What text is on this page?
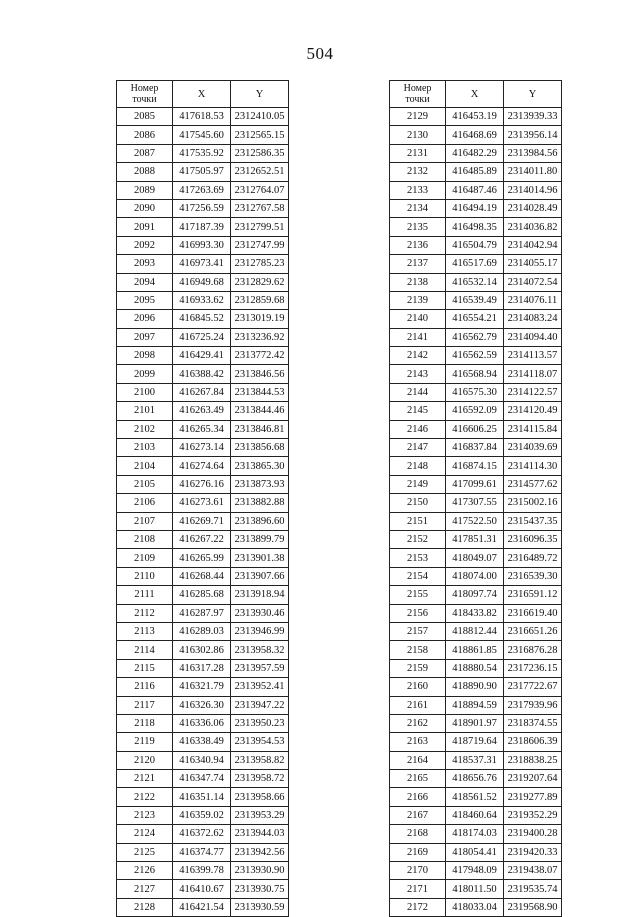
504
Номер
точки	X	Y
2085	417618.53	2312410.05
2086	417545.60	2312565.15
2087	417535.92	2312586.35
2088	417505.97	2312652.51
2089	417263.69	2312764.07
2090	417256.59	2312767.58
2091	417187.39	2312799.51
2092	416993.30	2312747.99
2093	416973.41	2312785.23
2094	416949.68	2312829.62
2095	416933.62	2312859.68
2096	416845.52	2313019.19
2097	416725.24	2313236.92
2098	416429.41	2313772.42
2099	416388.42	2313846.56
2100	416267.84	2313844.53
2101	416263.49	2313844.46
2102	416265.34	2313846.81
2103	416273.14	2313856.68
2104	416274.64	2313865.30
2105	416276.16	2313873.93
2106	416273.61	2313882.88
2107	416269.71	2313896.60
2108	416267.22	2313899.79
2109	416265.99	2313901.38
2110	416268.44	2313907.66
2111	416285.68	2313918.94
2112	416287.97	2313930.46
2113	416289.03	2313946.99
2114	416302.86	2313958.32
2115	416317.28	2313957.59
2116	416321.79	2313952.41
2117	416326.30	2313947.22
2118	416336.06	2313950.23
2119	416338.49	2313954.53
2120	416340.94	2313958.82
2121	416347.74	2313958.72
2122	416351.14	2313958.66
2123	416359.02	2313953.29
2124	416372.62	2313944.03
2125	416374.77	2313942.56
2126	416399.78	2313930.90
2127	416410.67	2313930.75
2128	416421.54	2313930.59
Номер
точки	X	Y
2129	416453.19	2313939.33
2130	416468.69	2313956.14
2131	416482.29	2313984.56
2132	416485.89	2314011.80
2133	416487.46	2314014.96
2134	416494.19	2314028.49
2135	416498.35	2314036.82
2136	416504.79	2314042.94
2137	416517.69	2314055.17
2138	416532.14	2314072.54
2139	416539.49	2314076.11
2140	416554.21	2314083.24
2141	416562.79	2314094.40
2142	416562.59	2314113.57
2143	416568.94	2314118.07
2144	416575.30	2314122.57
2145	416592.09	2314120.49
2146	416606.25	2314115.84
2147	416837.84	2314039.69
2148	416874.15	2314114.30
2149	417099.61	2314577.62
2150	417307.55	2315002.16
2151	417522.50	2315437.35
2152	417851.31	2316096.35
2153	418049.07	2316489.72
2154	418074.00	2316539.30
2155	418097.74	2316591.12
2156	418433.82	2316619.40
2157	418812.44	2316651.26
2158	418861.85	2316876.28
2159	418880.54	2317236.15
2160	418890.90	2317722.67
2161	418894.59	2317939.96
2162	418901.97	2318374.55
2163	418719.64	2318606.39
2164	418537.31	2318838.25
2165	418656.76	2319207.64
2166	418561.52	2319277.89
2167	418460.64	2319352.29
2168	418174.03	2319400.28
2169	418054.41	2319420.33
2170	417948.09	2319438.07
2171	418011.50	2319535.74
2172	418033.04	2319568.90
